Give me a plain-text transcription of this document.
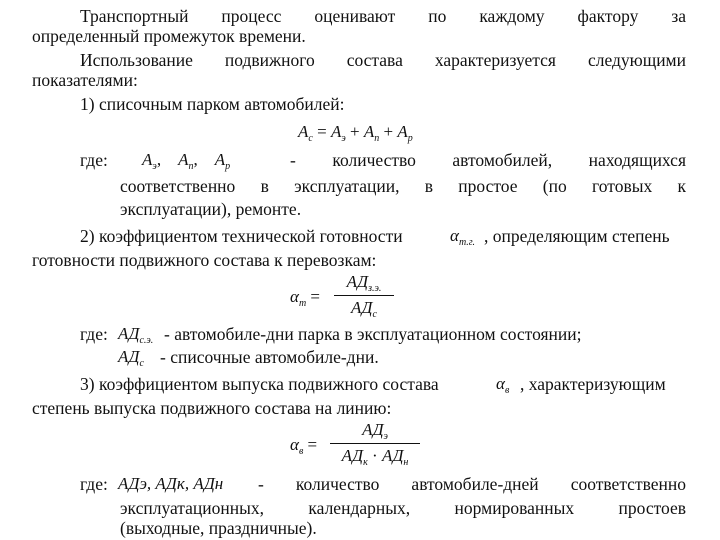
Транспортный процесс оценивают по каждому фактору за
определенный промежуток времени.
Использование подвижного состава характеризуется следующими
показателями:
1) списочным парком автомобилей:
$А_с = А_э + А_п + А_р$
где: $А_э$,    $А_п$,    $А_р$	- количество автомобилей, находящихся
соответственно в эксплуатации, в простое (по готовых к
эксплуатации), ремонте.
2) коэффициентом технической готовности	$\alpha_{т.г.}$ , определяющим степень
готовности подвижного состава к перевозкам:
$\alpha_т$ =
$АД_{з.э.}$
$АД_с$
где: $АД_{с.э.}$ - автомобиле-дни парка в эксплуатационном состоянии;
$АД_с$ - списочные автомобиле-дни.
3) коэффициентом выпуска подвижного состава	$\alpha_в$ , характеризующим
степень выпуска подвижного состава на линию:
$\alpha_в$ =
$АД_э$
$АД_к \cdot АД_н$
где: АДэ, АДк, АДн - количество автомобиле-дней соответственно
эксплуатационных, календарных, нормированных простоев
(выходные, праздничные).
